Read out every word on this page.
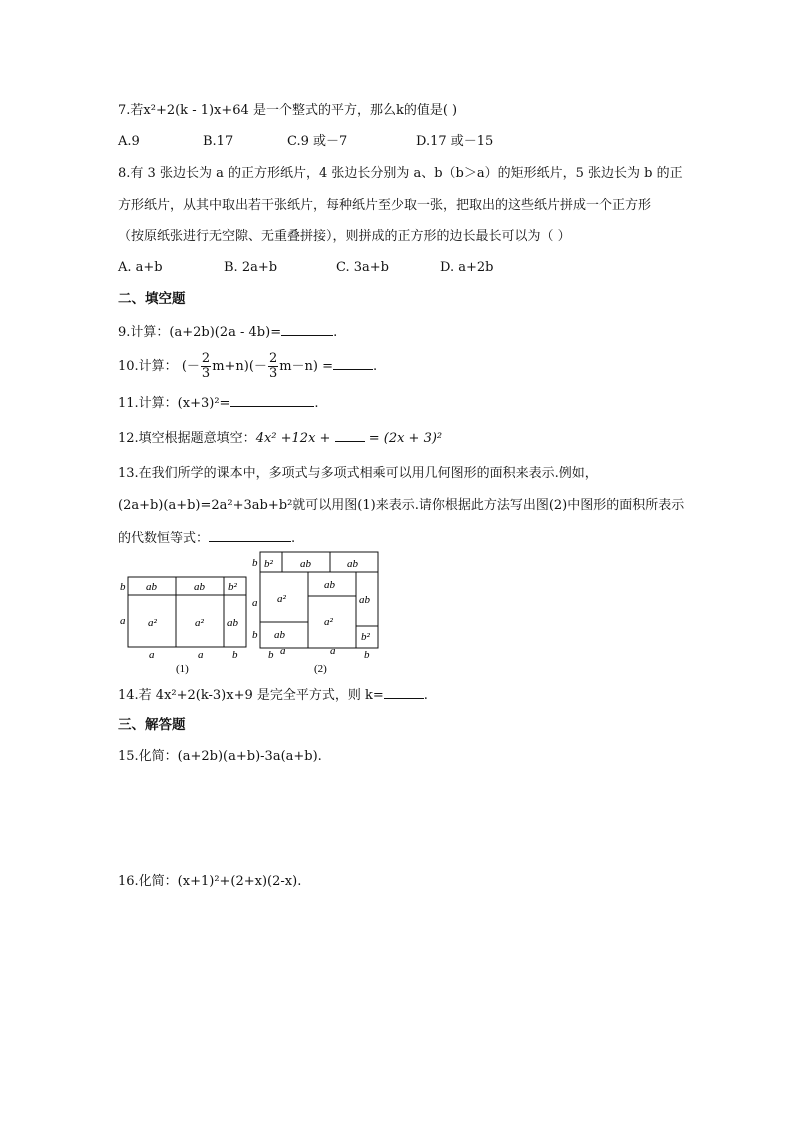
7.若x²+2(k - 1)x+64 是一个整式的平方，那么k的值是( )
A.9	B.17	C.9 或－7	D.17 或－15
8.有 3 张边长为 a 的正方形纸片，4 张边长分别为 a、b（b＞a）的矩形纸片，5 张边长为 b 的正
方形纸片，从其中取出若干张纸片，每种纸片至少取一张，把取出的这些纸片拼成一个正方形
（按原纸张进行无空隙、无重叠拼接），则拼成的正方形的边长最长可以为（ ）
A. a+b	B. 2a+b	C. 3a+b	D. a+2b
二、填空题
9.计算：(a+2b)(2a - 4b)=	.
10.计算： (－ $\frac{2}{3} m+n)(- \frac{2}{3} m-n)$ =	.
11.计算：(x+3)²=	.
12.填空根据题意填空：4x² +12x +	= (2x + 3)²
13.在我们所学的课本中，多项式与多项式相乘可以用几何图形的面积来表示.例如，
(2a+b)(a+b)=2a²+3ab+b²就可以用图(1)来表示.请你根据此方法写出图(2)中图形的面积所表示
的代数恒等式：	.
ab	ab b²
a²	a² ab
b
a
a	a	b
(1)
b² ab	ab
a²
ab
ab
a²
ab	b²
b
a
b
b a	a	b
(2)
14.若 4x²+2(k-3)x+9 是完全平方式，则 k=	.
三、解答题
15.化简：(a+2b)(a+b)-3a(a+b).
16.化简：(x+1)²+(2+x)(2-x).
